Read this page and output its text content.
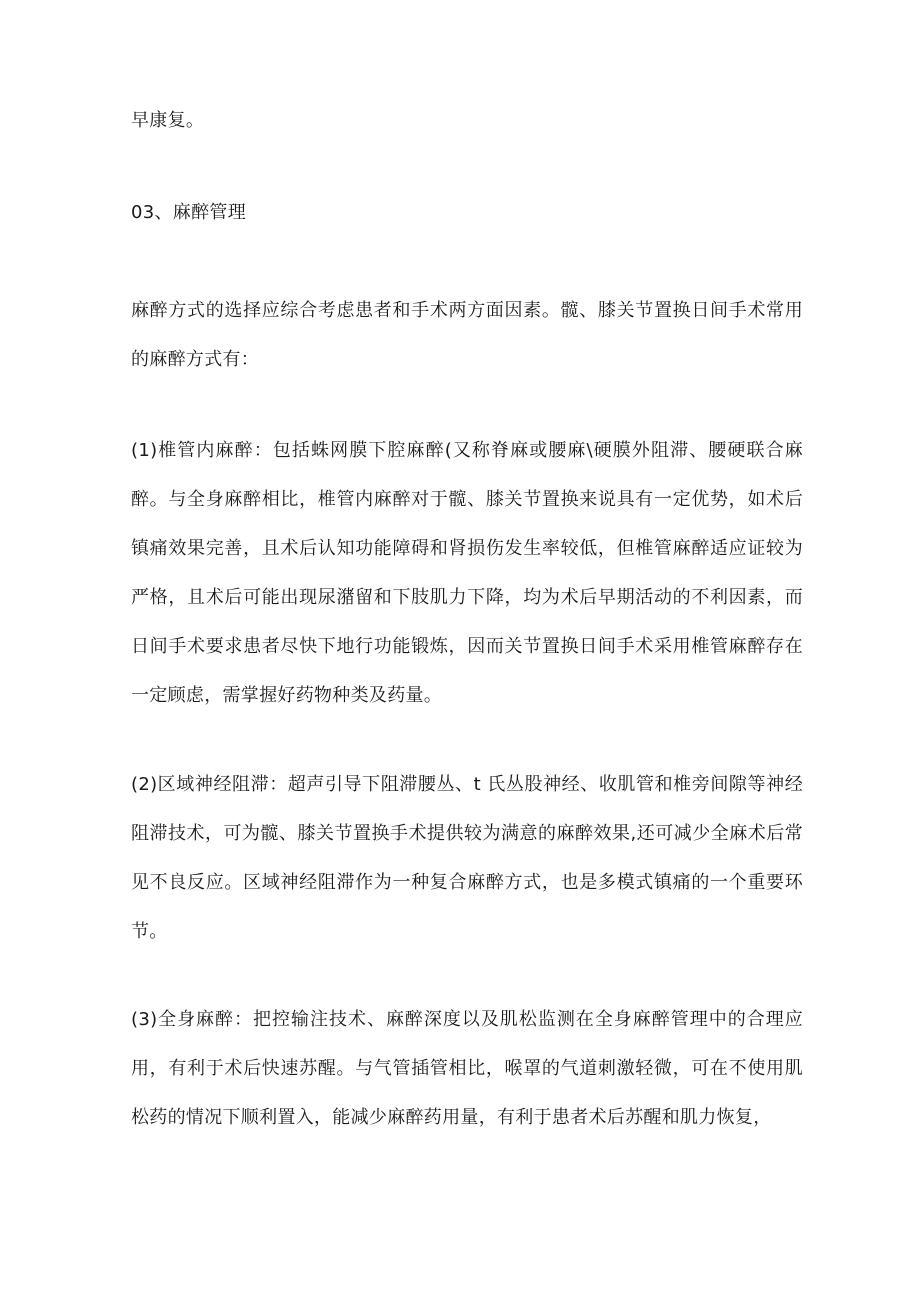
早康复。

03、麻醉管理

麻醉方式的选择应综合考虑患者和手术两方面因素。髋、膝关节置换日间手术常用的麻醉方式有：

(1)椎管内麻醉：包括蛛网膜下腔麻醉(又称脊麻或腰麻\硬膜外阻滞、腰硬联合麻醉。与全身麻醉相比，椎管内麻醉对于髋、膝关节置换来说具有一定优势，如术后镇痛效果完善，且术后认知功能障碍和肾损伤发生率较低，但椎管麻醉适应证较为严格，且术后可能出现尿潴留和下肢肌力下降，均为术后早期活动的不利因素，而日间手术要求患者尽快下地行功能锻炼，因而关节置换日间手术采用椎管麻醉存在一定顾虑，需掌握好药物种类及药量。

(2)区域神经阻滞：超声引导下阻滞腰丛、t 氏丛股神经、收肌管和椎旁间隙等神经阻滞技术，可为髋、膝关节置换手术提供较为满意的麻醉效果,还可减少全麻术后常见不良反应。区域神经阻滞作为一种复合麻醉方式，也是多模式镇痛的一个重要环节。

(3)全身麻醉：把控输注技术、麻醉深度以及肌松监测在全身麻醉管理中的合理应用，有利于术后快速苏醒。与气管插管相比，喉罩的气道刺激轻微，可在不使用肌松药的情况下顺利置入，能减少麻醉药用量，有利于患者术后苏醒和肌力恢复，
